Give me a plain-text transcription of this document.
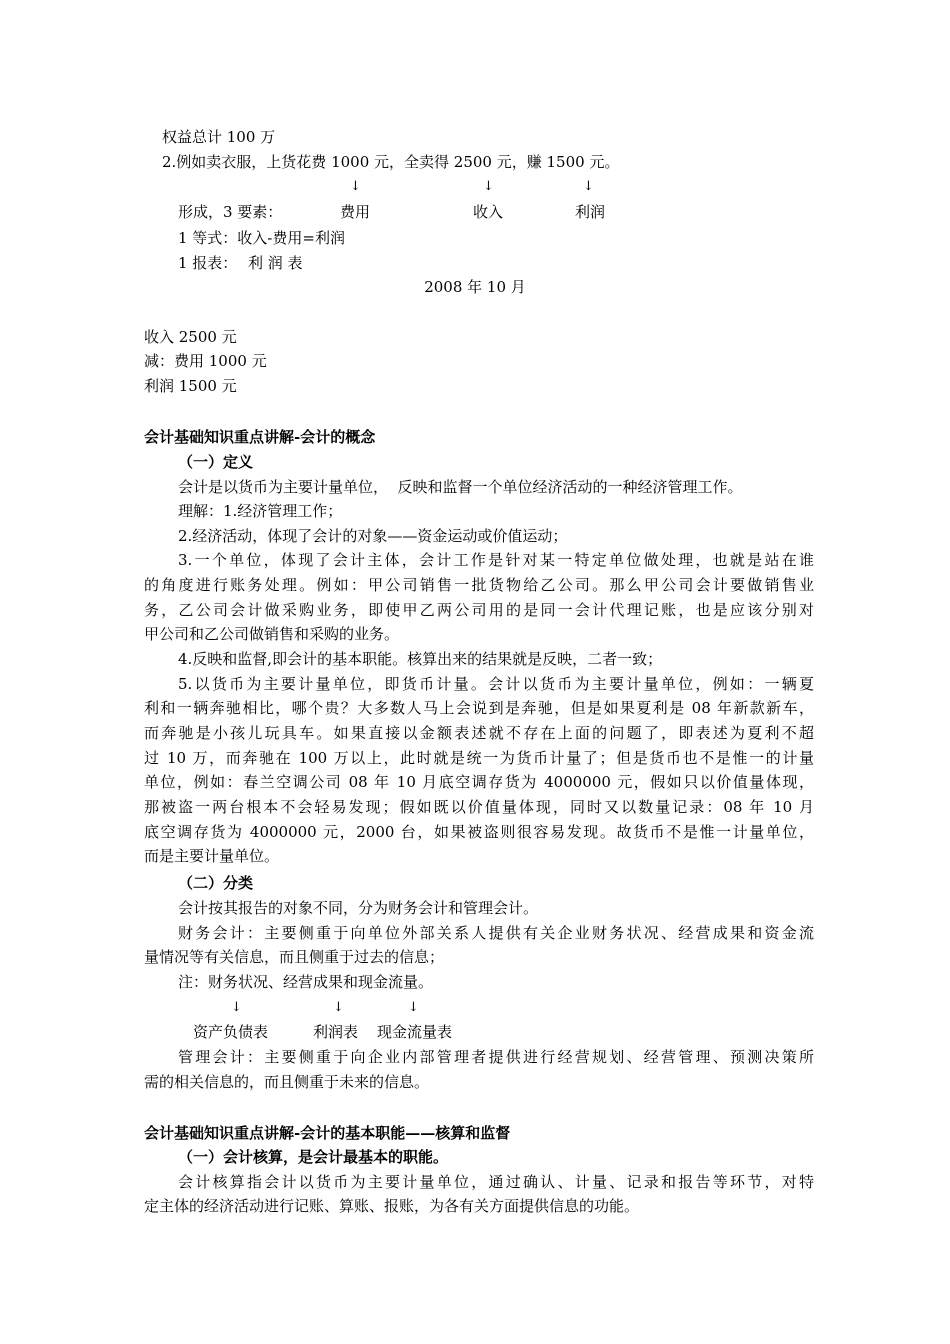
权益总计 100 万
2.例如卖衣服，上货花费 1000 元，全卖得 2500 元，赚 1500 元。
↓	↓	↓
形成，3 要素：	费用	收入	利润
1 等式：收入-费用=利润
1 报表： 利 润 表
2008 年 10 月
收入 2500 元
减：费用 1000 元
利润 1500 元
会计基础知识重点讲解-会计的概念
（一）定义
会计是以货币为主要计量单位，  反映和监督一个单位经济活动的一种经济管理工作。
理解：1.经济管理工作；
2.经济活动，体现了会计的对象——资金运动或价值运动；
3.一个单位，体现了会计主体，会计工作是针对某一特定单位做处理，也就是站在谁
的角度进行账务处理。例如：甲公司销售一批货物给乙公司。那么甲公司会计要做销售业
务，乙公司会计做采购业务，即使甲乙两公司用的是同一会计代理记账，也是应该分别对
甲公司和乙公司做销售和采购的业务。
4.反映和监督,即会计的基本职能。核算出来的结果就是反映，二者一致；
5.以货币为主要计量单位，即货币计量。会计以货币为主要计量单位，例如：一辆夏
利和一辆奔驰相比，哪个贵？大多数人马上会说到是奔驰，但是如果夏利是 08 年新款新车，
而奔驰是小孩儿玩具车。如果直接以金额表述就不存在上面的问题了，即表述为夏利不超
过 10 万，而奔驰在 100 万以上，此时就是统一为货币计量了；但是货币也不是惟一的计量
单位，例如：春兰空调公司 08 年 10 月底空调存货为 4000000 元，假如只以价值量体现，
那被盗一两台根本不会轻易发现；假如既以价值量体现，同时又以数量记录：08 年 10 月
底空调存货为 4000000 元，2000 台，如果被盗则很容易发现。故货币不是惟一计量单位，
而是主要计量单位。
（二）分类
会计按其报告的对象不同，分为财务会计和管理会计。
财务会计：主要侧重于向单位外部关系人提供有关企业财务状况、经营成果和资金流
量情况等有关信息，而且侧重于过去的信息；
注：财务状况、经营成果和现金流量。
↓	↓	↓
资产负债表	利润表 现金流量表
管理会计：主要侧重于向企业内部管理者提供进行经营规划、经营管理、预测决策所
需的相关信息的，而且侧重于未来的信息。
会计基础知识重点讲解-会计的基本职能——核算和监督
（一）会计核算，是会计最基本的职能。
会计核算指会计以货币为主要计量单位，通过确认、计量、记录和报告等环节，对特
定主体的经济活动进行记账、算账、报账，为各有关方面提供信息的功能。
